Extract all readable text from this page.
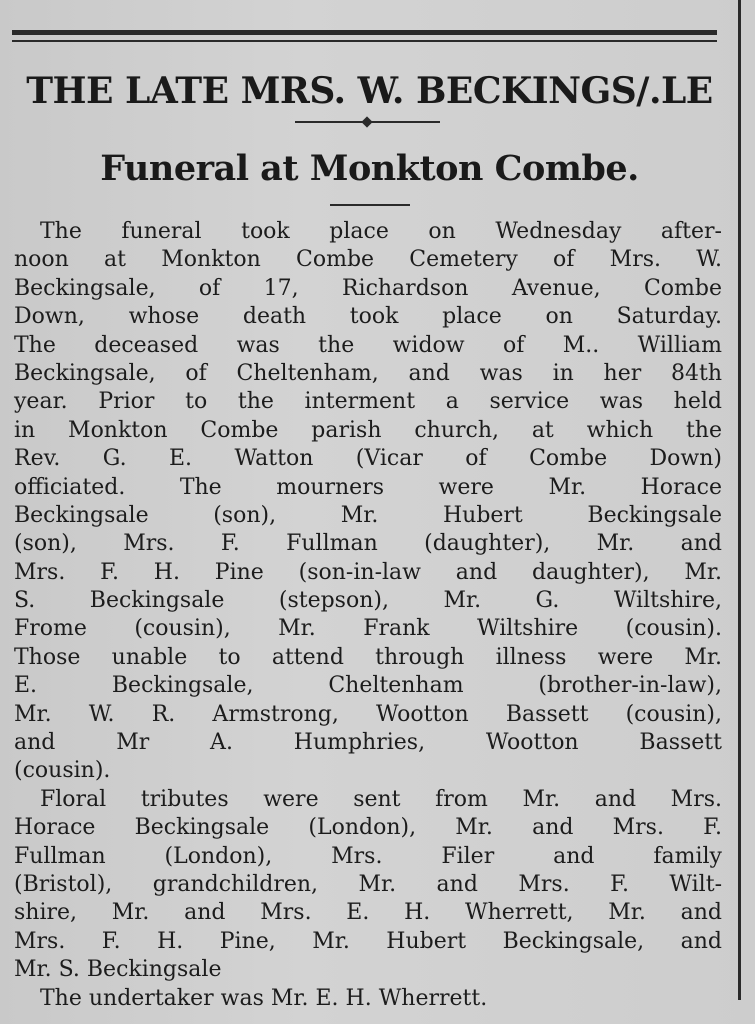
THE LATE MRS. W. BECKINGS/.LE
Funeral at Monkton Combe.
The funeral took place on Wednesday after-
noon at Monkton Combe Cemetery of Mrs. W.
Beckingsale, of 17, Richardson Avenue, Combe
Down, whose death took place on Saturday.
The deceased was the widow of M.. William
Beckingsale, of Cheltenham, and was in her 84th
year. Prior to the interment a service was held
in Monkton Combe parish church, at which the
Rev. G. E. Watton (Vicar of Combe Down)
officiated. The mourners were Mr. Horace
Beckingsale (son), Mr. Hubert Beckingsale
(son), Mrs. F. Fullman (daughter), Mr. and
Mrs. F. H. Pine (son-in-law and daughter), Mr.
S. Beckingsale (stepson), Mr. G. Wiltshire,
Frome (cousin), Mr. Frank Wiltshire (cousin).
Those unable to attend through illness were Mr.
E. Beckingsale, Cheltenham (brother-in-law),
Mr. W. R. Armstrong, Wootton Bassett (cousin),
and Mr A. Humphries, Wootton Bassett
(cousin).
Floral tributes were sent from Mr. and Mrs.
Horace Beckingsale (London), Mr. and Mrs. F.
Fullman (London), Mrs. Filer and family
(Bristol), grandchildren, Mr. and Mrs. F. Wilt-
shire, Mr. and Mrs. E. H. Wherrett, Mr. and
Mrs. F. H. Pine, Mr. Hubert Beckingsale, and
Mr. S. Beckingsale
The undertaker was Mr. E. H. Wherrett.
